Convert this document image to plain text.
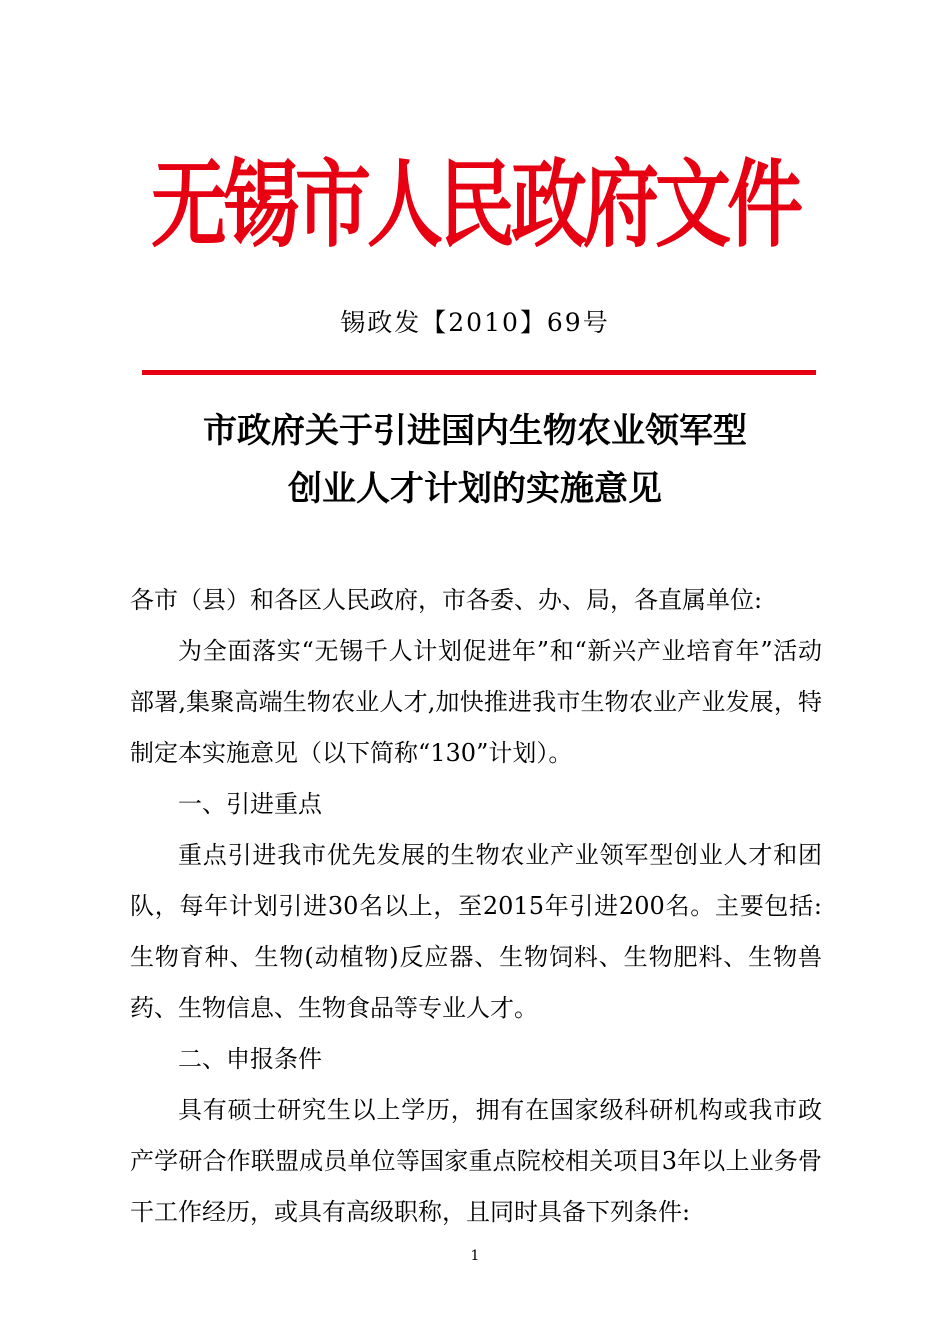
无锡市人民政府文件
锡政发【2010】69号
市政府关于引进国内生物农业领军型
创业人才计划的实施意见

各市（县）和各区人民政府，市各委、办、局，各直属单位:

为全面落实“无锡千人计划促进年”和“新兴产业培育年”活动部署,集聚高端生物农业人才,加快推进我市生物农业产业发展，特制定本实施意见（以下简称“130”计划）。

一、引进重点

重点引进我市优先发展的生物农业产业领军型创业人才和团队，每年计划引进30名以上，至2015年引进200名。主要包括: 生物育种、生物(动植物)反应器、生物饲料、生物肥料、生物兽药、生物信息、生物食品等专业人才。

二、申报条件

具有硕士研究生以上学历，拥有在国家级科研机构或我市政产学研合作联盟成员单位等国家重点院校相关项目3年以上业务骨干工作经历，或具有高级职称，且同时具备下列条件:

1
